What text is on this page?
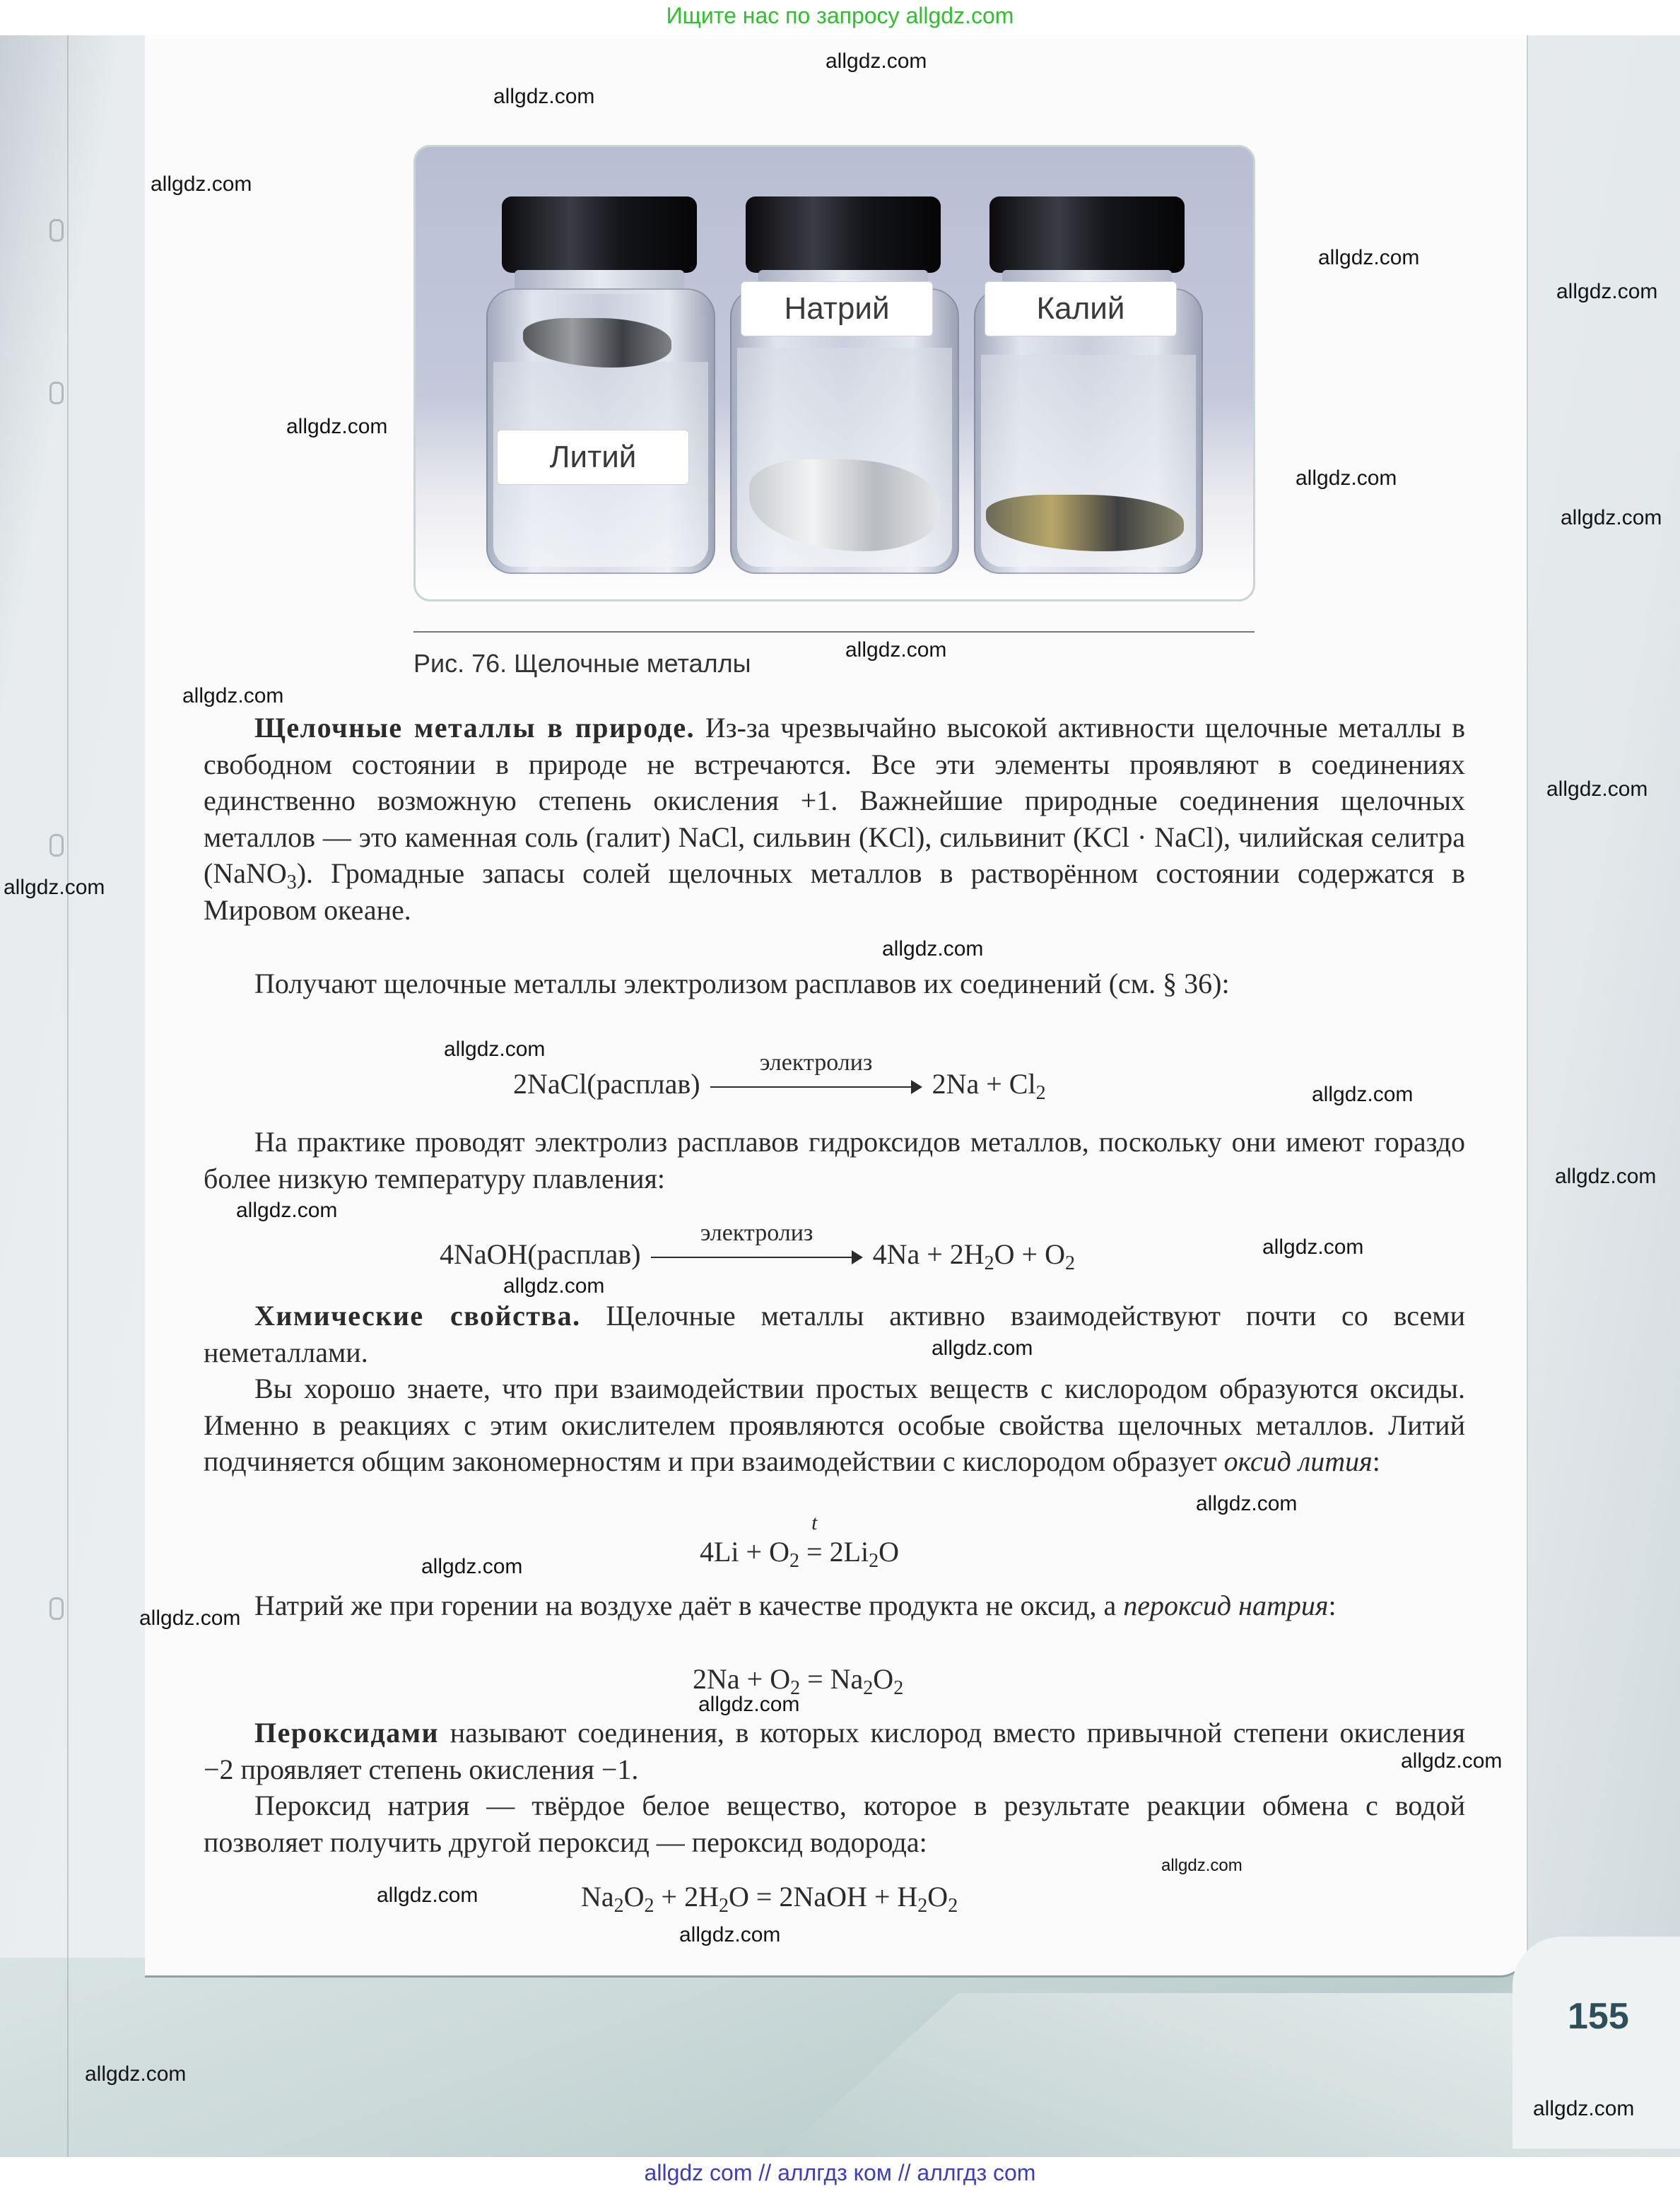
Ищите нас по запросу allgdz.com
Литий
Натрий	Калий
Рис. 76. Щелочные металлы
Щелочные металлы в природе. Из-за чрезвычайно высокой активности щелочные металлы в свободном состоянии в природе не встречаются. Все эти элементы проявляют в соединениях единственно возможную степень окисления +1. Важнейшие природные соединения щелочных металлов — это каменная соль (галит) NaCl, сильвин (KCl), сильвинит (KCl · NaCl), чилийская селитра (NaNO$_3$). Громадные запасы солей щелочных металлов в растворённом состоянии содержатся в Мировом океане.
Получают щелочные металлы электролизом расплавов их соединений (см. § 36):
2NaCl(расплав)
электролиз
$2Na + Cl_2$
На практике проводят электролиз расплавов гидроксидов металлов, поскольку они имеют гораздо более низкую температуру плавления:
4NaOH(расплав)
электролиз
$4Na + 2H_2O + O_2$
Химические свойства. Щелочные металлы активно взаимодействуют почти со всеми неметаллами.
Вы хорошо знаете, что при взаимодействии простых веществ с кислородом образуются оксиды. Именно в реакциях с этим окислителем проявляются особые свойства щелочных металлов. Литий подчиняется общим закономерностям и при взаимодействии с кислородом образует оксид лития:
$4Li + O_2$
t
= $2Li_2O$
Натрий же при горении на воздухе даёт в качестве продукта не оксид, а пероксид натрия:
$2Na + O_2 = Na_2O_2$
Пероксидами называют соединения, в которых кислород вместо привычной степени окисления −2 проявляет степень окисления −1.
Пероксид натрия — твёрдое белое вещество, которое в результате реакции обмена с водой позволяет получить другой пероксид — пероксид водорода:
$Na_2O_2 + 2H_2O$ = 2NaOH + $H_2O_2$
155
allgdz.com
allgdz.com
allgdz.com
allgdz.com
allgdz.com
allgdz.com
allgdz.com
allgdz.com
allgdz.com
allgdz.com
allgdz.com
allgdz.com
allgdz.com
allgdz.com
allgdz.com
allgdz.com
allgdz.com
allgdz.com
allgdz.com
allgdz.com
allgdz.com
allgdz.com
allgdz.com
allgdz.com
allgdz.com
allgdz.com
allgdz.com
allgdz.com
allgdz.com
allgdz.com
allgdz com // аллгдз ком // аллгдз com
